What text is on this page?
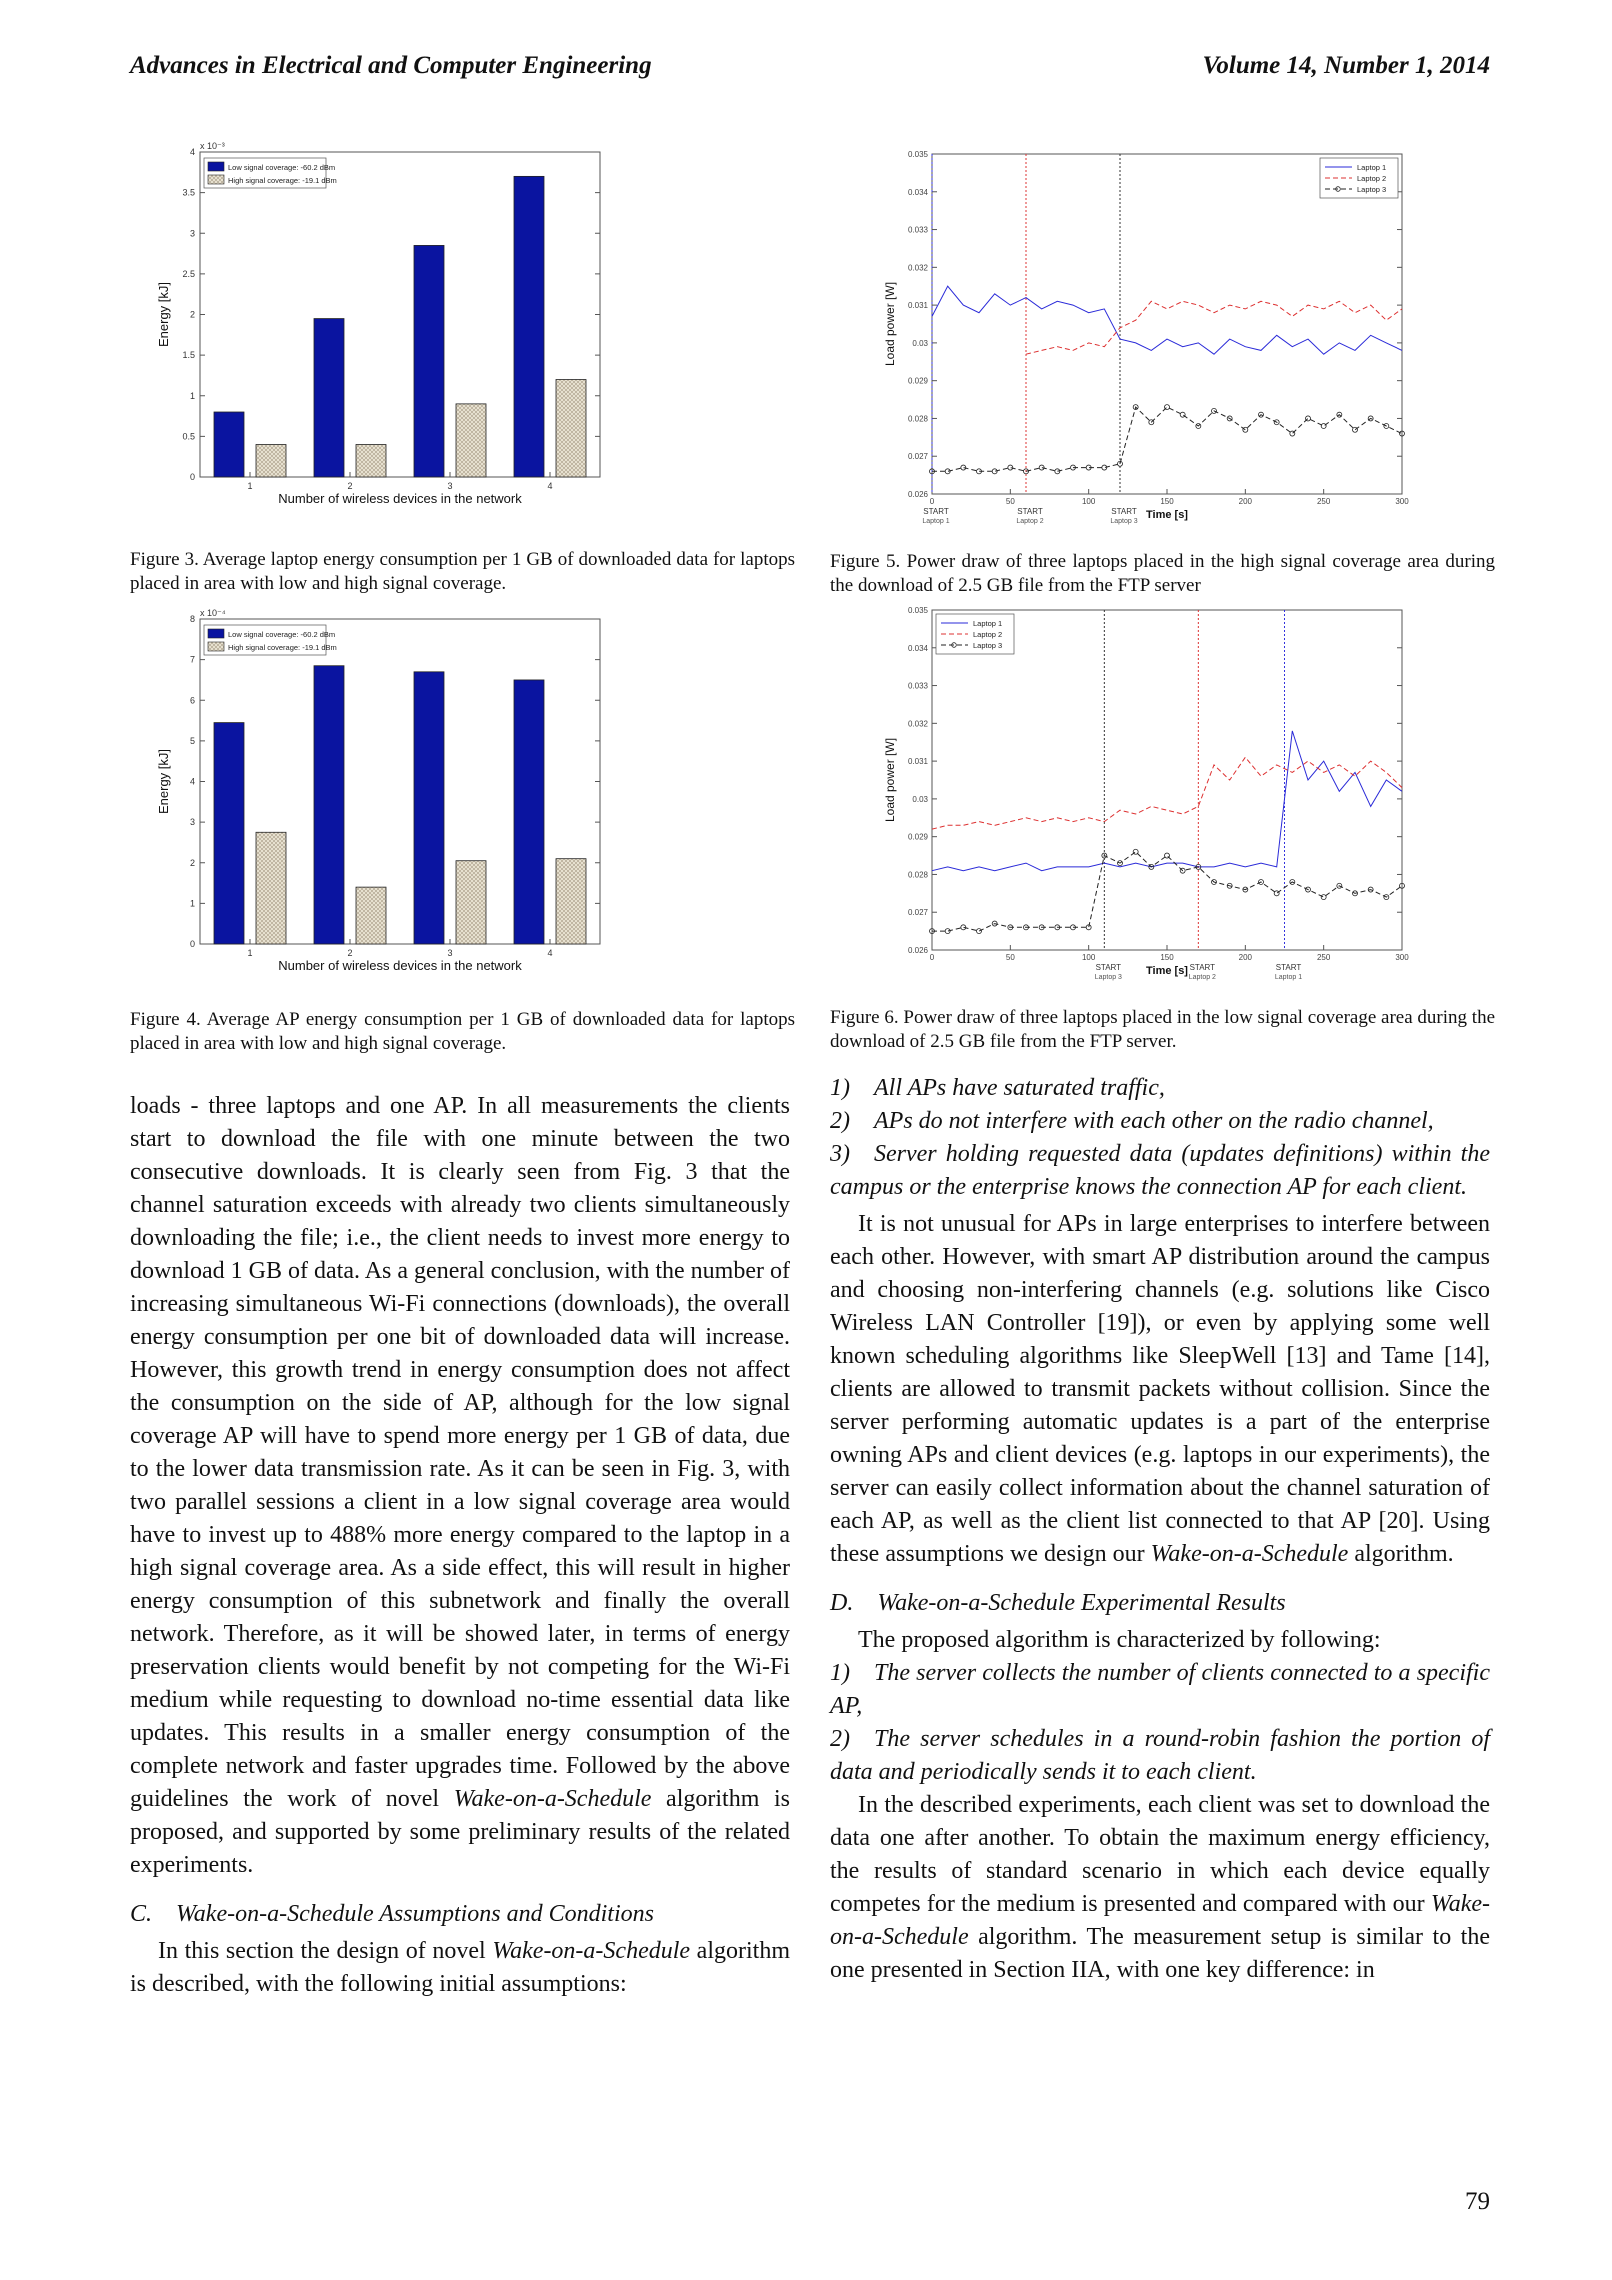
Advances in Electrical and Computer Engineering	Volume 14, Number 1, 2014
0
0.5
1
1.5
2
2.5
3
3.5
4
x 10⁻³
1	2	3	4
Low signal coverage: -60.2 dBm
High signal coverage: -19.1 dBm
Number of wireless devices in the network
Energy [kJ]
Figure 3. Average laptop energy consumption per 1 GB of downloaded data for laptops placed in area with low and high signal coverage.
0
1
2
3
4
5
6
7
8
x 10⁻⁴
1	2	3	4
Low signal coverage: -60.2 dBm
High signal coverage: -19.1 dBm
Number of wireless devices in the network
Energy [kJ]
Figure 4. Average AP energy consumption per 1 GB of downloaded data for laptops placed in area with low and high signal coverage.
0.026
0.027
0.028
0.029
0.03
0.031
0.032
0.033
0.034
0.035
0	50	100	150	200	250	300
START
Laptop 1
START
Laptop 2
START
Laptop 3
Laptop 1
Laptop 2
Laptop 3
Time [s]
Load power [W]
Figure 5. Power draw of three laptops placed in the high signal coverage area during the download of 2.5 GB file from the FTP server
0.026
0.027
0.028
0.029
0.03
0.031
0.032
0.033
0.034
0.035
0	50	100	150	200	250	300
START
Laptop 3
START
Laptop 2
START
Laptop 1
Laptop 1
Laptop 2
Laptop 3
Time [s]
Load power [W]
Figure 6. Power draw of three laptops placed in the low signal coverage area during the download of 2.5 GB file from the FTP server.

loads - three laptops and one AP. In all measurements the clients start to download the file with one minute between the two consecutive downloads. It is clearly seen from Fig. 3 that the channel saturation exceeds with already two clients simultaneously downloading the file; i.e., the client needs to invest more energy to download 1 GB of data. As a general conclusion, with the number of increasing simultaneous Wi-Fi connections (downloads), the overall energy consumption per one bit of downloaded data will increase. However, this growth trend in energy consumption does not affect the consumption on the side of AP, although for the low signal coverage AP will have to spend more energy per 1 GB of data, due to the lower data transmission rate. As it can be seen in Fig. 3, with two parallel sessions a client in a low signal coverage area would have to invest up to 488% more energy compared to the laptop in a high signal coverage area. As a side effect, this will result in higher energy consumption of this subnetwork and finally the overall network. Therefore, as it will be showed later, in terms of energy preservation clients would benefit by not competing for the Wi-Fi medium while requesting to download no-time essential data like updates. This results in a smaller energy consumption of the complete network and faster upgrades time. Followed by the above guidelines the work of novel Wake-on-a-Schedule algorithm is proposed, and supported by some preliminary results of the related experiments.

C. Wake-on-a-Schedule Assumptions and Conditions

In this section the design of novel Wake-on-a-Schedule algorithm is described, with the following initial assumptions:

1) All APs have saturated traffic,

2) APs do not interfere with each other on the radio channel,

3) Server holding requested data (updates definitions) within the campus or the enterprise knows the connection AP for each client.

It is not unusual for APs in large enterprises to interfere between each other. However, with smart AP distribution around the campus and choosing non-interfering channels (e.g. solutions like Cisco Wireless LAN Controller [19]), or even by applying some well known scheduling algorithms like SleepWell [13] and Tame [14], clients are allowed to transmit packets without collision. Since the server performing automatic updates is a part of the enterprise owning APs and client devices (e.g. laptops in our experiments), the server can easily collect information about the channel saturation of each AP, as well as the client list connected to that AP [20]. Using these assumptions we design our Wake-on-a-Schedule algorithm.

D. Wake-on-a-Schedule Experimental Results

The proposed algorithm is characterized by following:

1) The server collects the number of clients connected to a specific AP,

2) The server schedules in a round-robin fashion the portion of data and periodically sends it to each client.

In the described experiments, each client was set to download the data one after another. To obtain the maximum energy efficiency, the results of standard scenario in which each device equally competes for the medium is presented and compared with our Wake-on-a-Schedule algorithm. The measurement setup is similar to the one presented in Section IIA, with one key difference: in

79
